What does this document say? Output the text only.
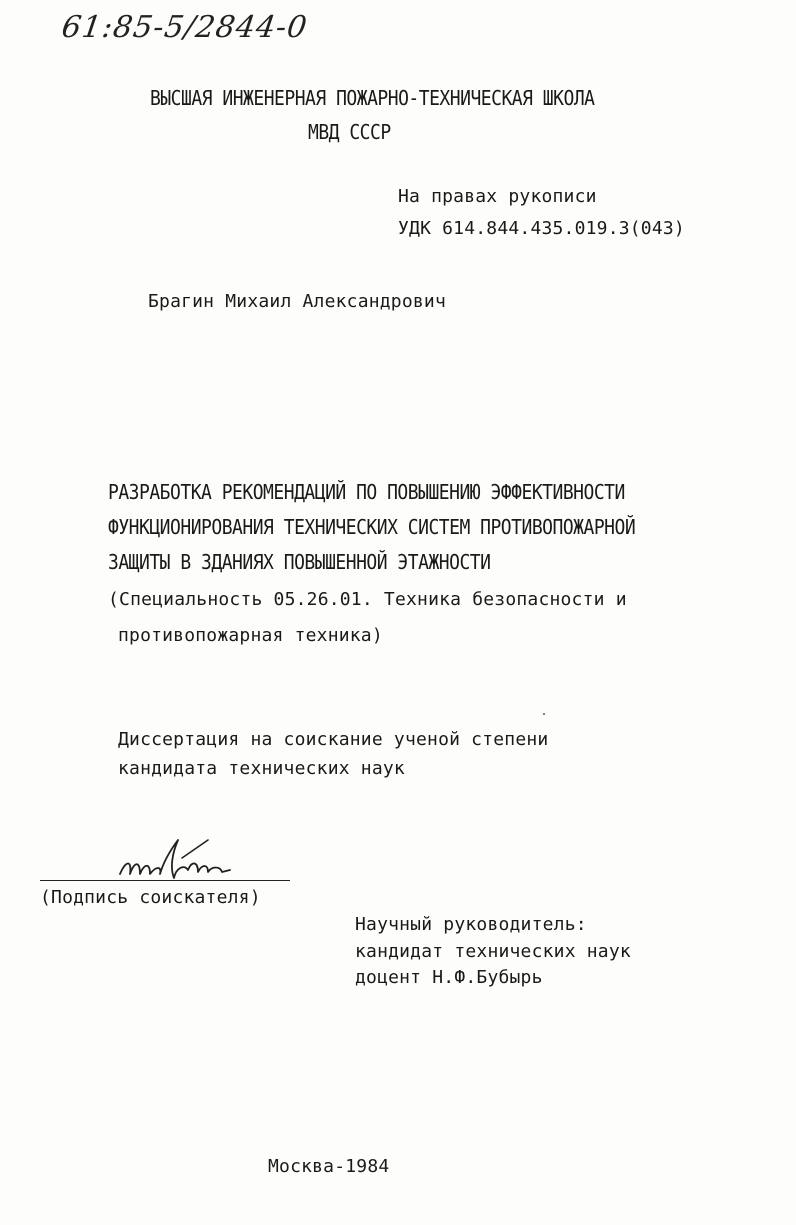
61:85-5/2844-0
ВЫСШАЯ ИНЖЕНЕРНАЯ ПОЖАРНО-ТЕХНИЧЕСКАЯ ШКОЛА
МВД СССР
На правах рукописи
УДК 614.844.435.019.3(043)
Брагин Михаил Александрович
РАЗРАБОТКА РЕКОМЕНДАЦИЙ ПО ПОВЫШЕНИЮ ЭФФЕКТИВНОСТИ
ФУНКЦИОНИРОВАНИЯ ТЕХНИЧЕСКИХ СИСТЕМ ПРОТИВОПОЖАРНОЙ
ЗАЩИТЫ В ЗДАНИЯХ ПОВЫШЕННОЙ ЭТАЖНОСТИ
(Специальность 05.26.01. Техника безопасности и
противопожарная техника)
Диссертация на соискание ученой степени
кандидата технических наук
(Подпись соискателя)
Научный руководитель:
кандидат технических наук
доцент Н.Ф.Бубырь
Москва-1984
